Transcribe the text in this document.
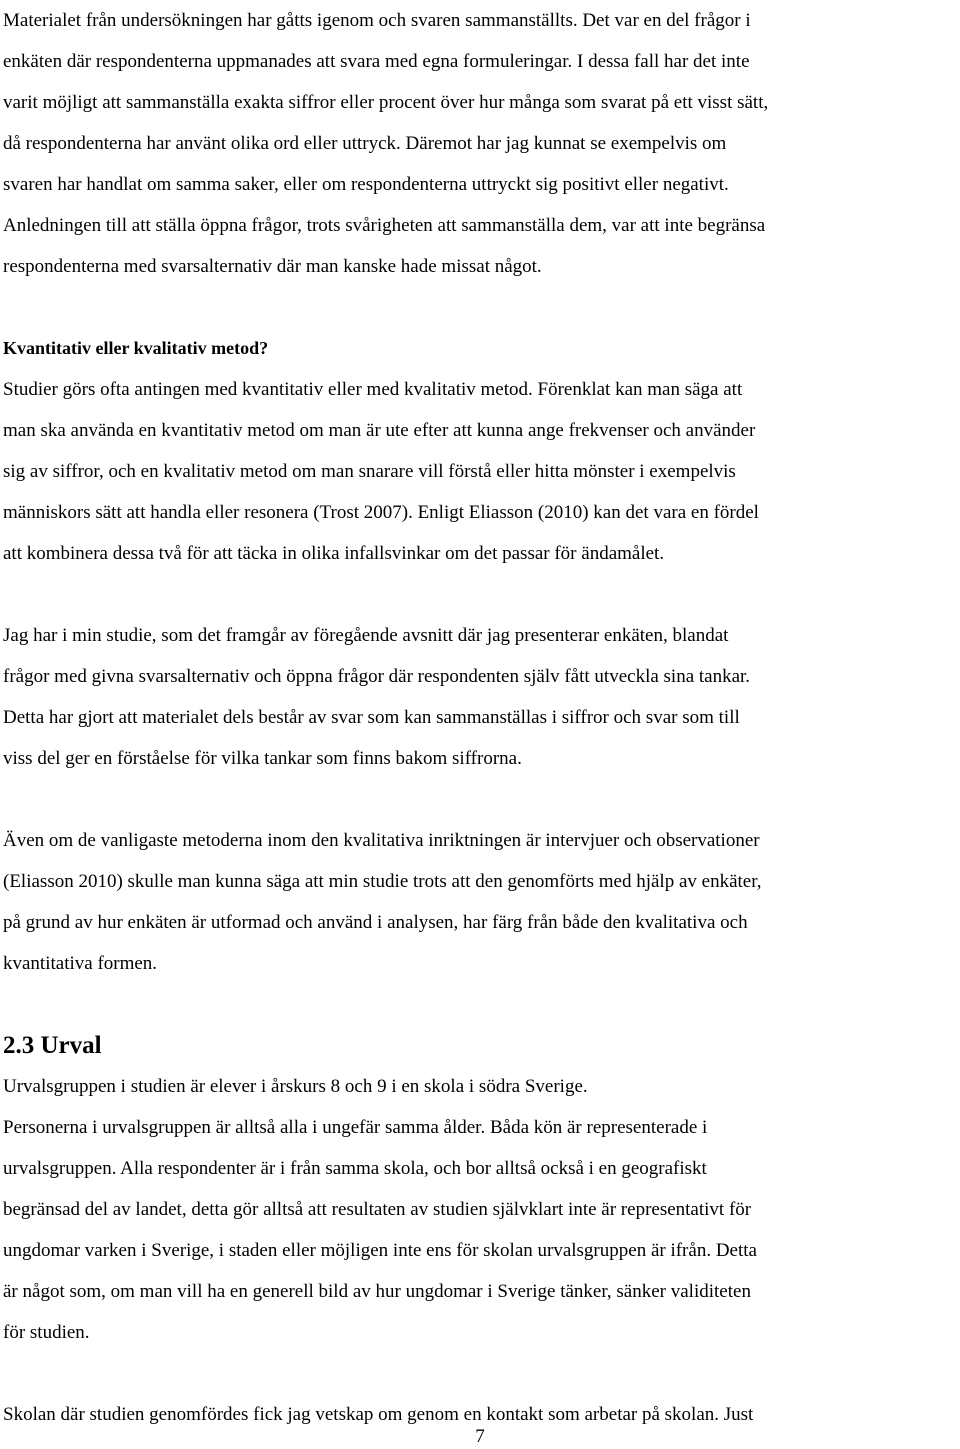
Materialet från undersökningen har gåtts igenom och svaren sammanställts. Det var en del frågor i
enkäten där respondenterna uppmanades att svara med egna formuleringar. I dessa fall har det inte
varit möjligt att sammanställa exakta siffror eller procent över hur många som svarat på ett visst sätt,
då respondenterna har använt olika ord eller uttryck. Däremot har jag kunnat se exempelvis om
svaren har handlat om samma saker, eller om respondenterna uttryckt sig positivt eller negativt.
Anledningen till att ställa öppna frågor, trots svårigheten att sammanställa dem, var att inte begränsa
respondenterna med svarsalternativ där man kanske hade missat något.
Kvantitativ eller kvalitativ metod?
Studier görs ofta antingen med kvantitativ eller med kvalitativ metod. Förenklat kan man säga att
man ska använda en kvantitativ metod om man är ute efter att kunna ange frekvenser och använder
sig av siffror, och en kvalitativ metod om man snarare vill förstå eller hitta mönster i exempelvis
människors sätt att handla eller resonera (Trost 2007). Enligt Eliasson (2010) kan det vara en fördel
att kombinera dessa två för att täcka in olika infallsvinkar om det passar för ändamålet.
Jag har i min studie, som det framgår av föregående avsnitt där jag presenterar enkäten, blandat
frågor med givna svarsalternativ och öppna frågor där respondenten själv fått utveckla sina tankar.
Detta har gjort att materialet dels består av svar som kan sammanställas i siffror och svar som till
viss del ger en förståelse för vilka tankar som finns bakom siffrorna.
Även om de vanligaste metoderna inom den kvalitativa inriktningen är intervjuer och observationer
(Eliasson 2010) skulle man kunna säga att min studie trots att den genomförts med hjälp av enkäter,
på grund av hur enkäten är utformad och använd i analysen, har färg från både den kvalitativa och
kvantitativa formen.
2.3 Urval
Urvalsgruppen i studien är elever i årskurs 8 och 9 i en skola i södra Sverige.
Personerna i urvalsgruppen är alltså alla i ungefär samma ålder. Båda kön är representerade i
urvalsgruppen. Alla respondenter är i från samma skola, och bor alltså också i en geografiskt
begränsad del av landet, detta gör alltså att resultaten av studien självklart inte är representativt för
ungdomar varken i Sverige, i staden eller möjligen inte ens för skolan urvalsgruppen är ifrån. Detta
är något som, om man vill ha en generell bild av hur ungdomar i Sverige tänker, sänker validiteten
för studien.
Skolan där studien genomfördes fick jag vetskap om genom en kontakt som arbetar på skolan. Just
7
